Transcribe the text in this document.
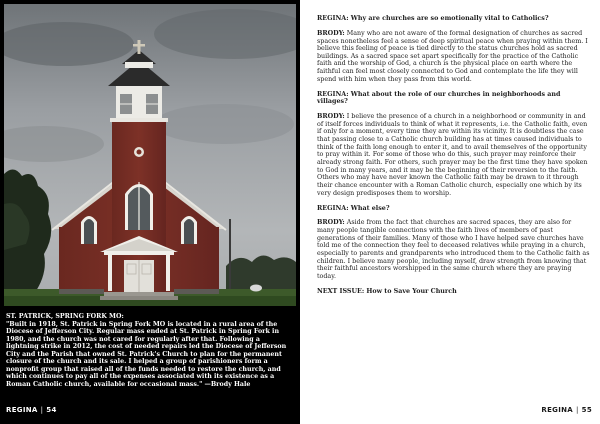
ST. PATRICK, SPRING FORK MO:
"Built in 1918, St. Patrick in Spring Fork MO is located in a rural area of the Diocese of Jefferson City. Regular mass ended at St. Patrick in Spring Fork in 1980, and the church was not cared for regularly after that. Following a lightning strike in 2012, the cost of needed repairs led the Diocese of Jefferson City and the Parish that owned St. Patrick's Church to plan for the permanent closure of the church and its sale. I helped a group of parishioners form a nonprofit group that raised all of the funds needed to restore the church, and which continues to pay all of the expenses associated with its existence as a Roman Catholic church, available for occasional mass." —Brody Hale
REGINA | 54

REGINA: Why are churches are so emotionally vital to Catholics?

BRODY: Many who are not aware of the formal designation of churches as sacred spaces nonetheless feel a sense of deep spiritual peace when praying within them. I believe this feeling of peace is tied directly to the status churches hold as sacred buildings. As a sacred space set apart specifically for the practice of the Catholic faith and the worship of God, a church is the physical place on earth where the faithful can feel most closely connected to God and contemplate the life they will spend with him when they pass from this world.

REGINA: What about the role of our churches in neighborhoods and villages?

BRODY: I believe the presence of a church in a neighborhood or community in and of itself forces individuals to think of what it represents, i.e. the Catholic faith, even if only for a moment, every time they are within its vicinity. It is doubtless the case that passing close to a Catholic church building has at times caused individuals to think of the faith long enough to enter it, and to avail themselves of the opportunity to pray within it. For some of those who do this, such prayer may reinforce their already strong faith. For others, such prayer may be the first time they have spoken to God in many years, and it may be the beginning of their reversion to the faith. Others who may have never known the Catholic faith may be drawn to it through their chance encounter with a Roman Catholic church, especially one which by its very design predisposes them to worship.

REGINA: What else?

BRODY: Aside from the fact that churches are sacred spaces, they are also for many people tangible connections with the faith lives of members of past generations of their families. Many of those who I have helped save churches have told me of the connection they feel to deceased relatives while praying in a church, especially to parents and grandparents who introduced them to the Catholic faith as children. I believe many people, including myself, draw strength from knowing that their faithful ancestors worshipped in the same church where they are praying today.

NEXT ISSUE: How to Save Your Church

REGINA | 55
